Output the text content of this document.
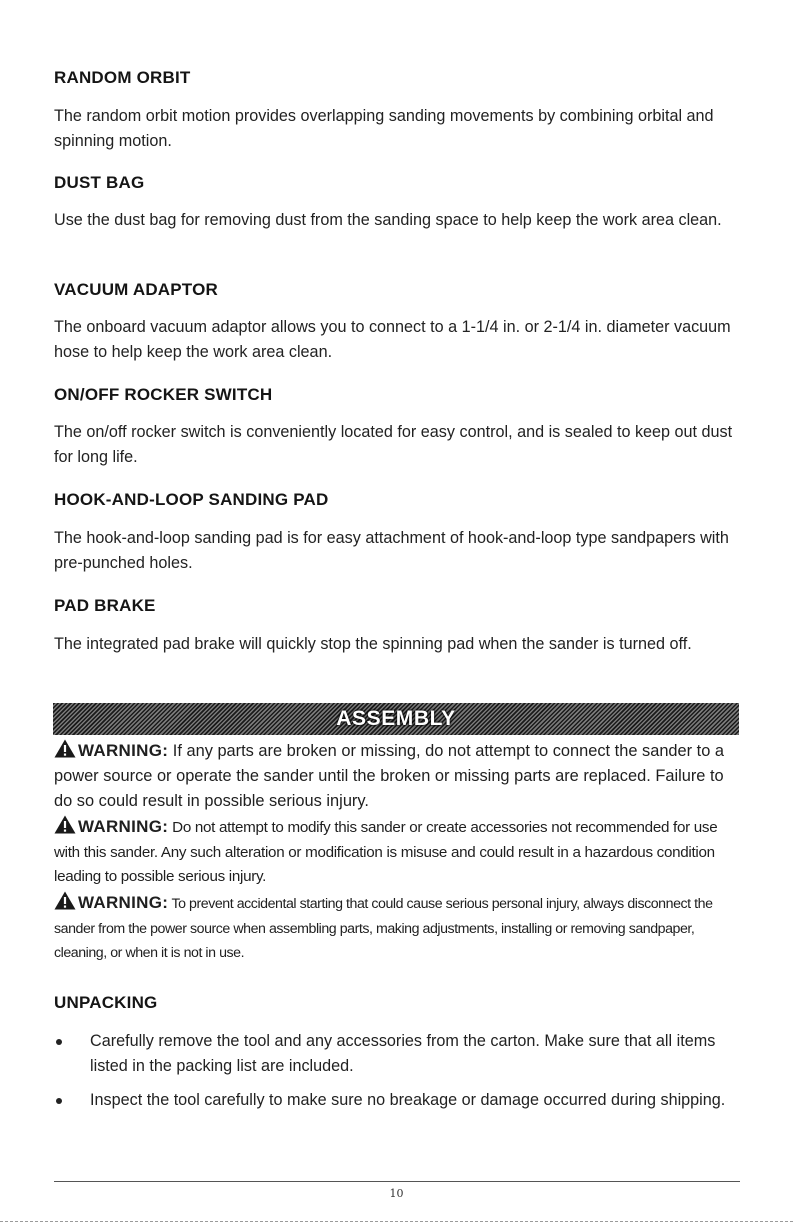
RANDOM ORBIT

The random orbit motion provides overlapping sanding movements by combining orbital and spinning motion.

DUST BAG

Use the dust bag for removing dust from the sanding space to help keep the work area clean.

VACUUM ADAPTOR

The onboard vacuum adaptor allows you to connect to a 1-1/4 in. or 2-1/4 in. diameter vacuum hose to help keep the work area clean.

ON/OFF ROCKER SWITCH

The on/off rocker switch is conveniently located for easy control, and is sealed to keep out dust for long life.

HOOK-AND-LOOP SANDING PAD

The hook-and-loop sanding pad is for easy attachment of hook-and-loop type sandpapers with pre-punched holes.

PAD BRAKE

The integrated pad brake will quickly stop the spinning pad when the sander is turned off.

ASSEMBLY

WARNING: If any parts are broken or missing, do not attempt to connect the sander to a power source or operate the sander until the broken or missing parts are replaced. Failure to do so could result in possible serious injury.

WARNING: Do not attempt to modify this sander or create accessories not recommended for use with this sander. Any such alteration or modification is misuse and could result in a hazardous condition leading to possible serious injury.

WARNING: To prevent accidental starting that could cause serious personal injury, always disconnect the sander from the power source when assembling parts, making adjustments, installing or removing sandpaper, cleaning, or when it is not in use.

UNPACKING
Carefully remove the tool and any accessories from the carton. Make sure that all items listed in the packing list are included.
Inspect the tool carefully to make sure no breakage or damage occurred during shipping.

10
